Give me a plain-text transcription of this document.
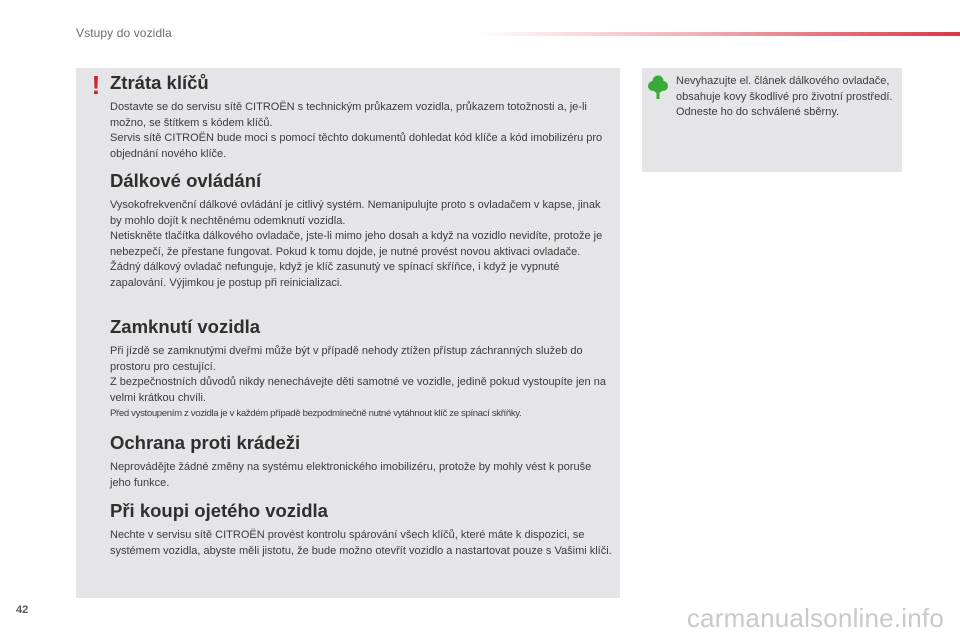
Vstupy do vozidla
! Ztráta klíčů

Dostavte se do servisu sítě CITROËN s technickým průkazem vozidla, průkazem totožnosti a, je-li možno, se štítkem s kódem klíčů.

Servis sítě CITROËN bude moci s pomocí těchto dokumentů dohledat kód klíče a kód imobilizéru pro objednání nového klíče.

Dálkové ovládání

Vysokofrekvenční dálkové ovládání je citlivý systém. Nemanipulujte proto s ovladačem v kapse, jinak by mohlo dojít k nechtěnému odemknutí vozidla.

Netiskněte tlačítka dálkového ovladače, jste-li mimo jeho dosah a když na vozidlo nevidíte, protože je nebezpečí, že přestane fungovat. Pokud k tomu dojde, je nutné provést novou aktivaci ovladače.

Žádný dálkový ovladač nefunguje, když je klíč zasunutý ve spínací skříňce, i když je vypnuté zapalování. Výjimkou je postup při reinicializaci.

Zamknutí vozidla

Při jízdě se zamknutými dveřmi může být v případě nehody ztížen přístup záchranných služeb do prostoru pro cestující.

Z bezpečnostních důvodů nikdy nenechávejte děti samotné ve vozidle, jedině pokud vystoupíte jen na velmi krátkou chvíli.

Před vystoupením z vozidla je v každém případě bezpodmínečně nutné vytáhnout klíč ze spínací skříňky.

Ochrana proti krádeži

Neprovádějte žádné změny na systému elektronického imobilizéru, protože by mohly vést k poruše jeho funkce.

Při koupi ojetého vozidla

Nechte v servisu sítě CITROËN provést kontrolu spárování všech klíčů, které máte k dispozici, se systémem vozidla, abyste měli jistotu, že bude možno otevřít vozidlo a nastartovat pouze s Vašimi klíči.

Nevyhazujte el. článek dálkového ovladače, obsahuje kovy škodlivé pro životní prostředí.
Odneste ho do schválené sběrny.
42	carmanualsonline.info
